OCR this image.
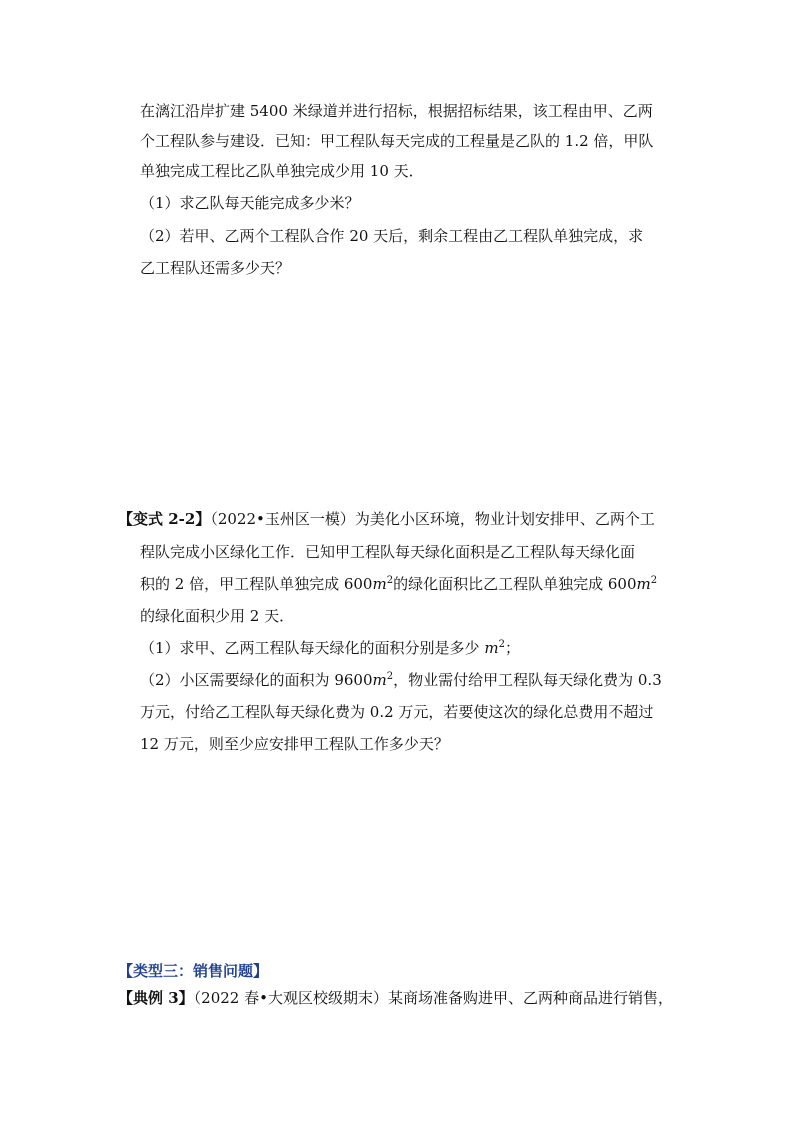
在漓江沿岸扩建 5400 米绿道并进行招标，根据招标结果，该工程由甲、乙两
个工程队参与建设．已知：甲工程队每天完成的工程量是乙队的 1.2 倍，甲队
单独完成工程比乙队单独完成少用 10 天．
（1）求乙队每天能完成多少米？
（2）若甲、乙两个工程队合作 20 天后，剩余工程由乙工程队单独完成，求
乙工程队还需多少天？
【变式 2-2】（2022•玉州区一模）为美化小区环境，物业计划安排甲、乙两个工
程队完成小区绿化工作．已知甲工程队每天绿化面积是乙工程队每天绿化面
积的 2 倍，甲工程队单独完成 $600m^2$的绿化面积比乙工程队单独完成 $600m^2$
的绿化面积少用 2 天．
（1）求甲、乙两工程队每天绿化的面积分别是多少 $m^2$；
（2）小区需要绿化的面积为 $9600m^2$，物业需付给甲工程队每天绿化费为 0.3
万元，付给乙工程队每天绿化费为 0.2 万元，若要使这次的绿化总费用不超过
12 万元，则至少应安排甲工程队工作多少天？
【类型三：销售问题】
【典例 3】（2022 春•大观区校级期末）某商场准备购进甲、乙两种商品进行销售，
